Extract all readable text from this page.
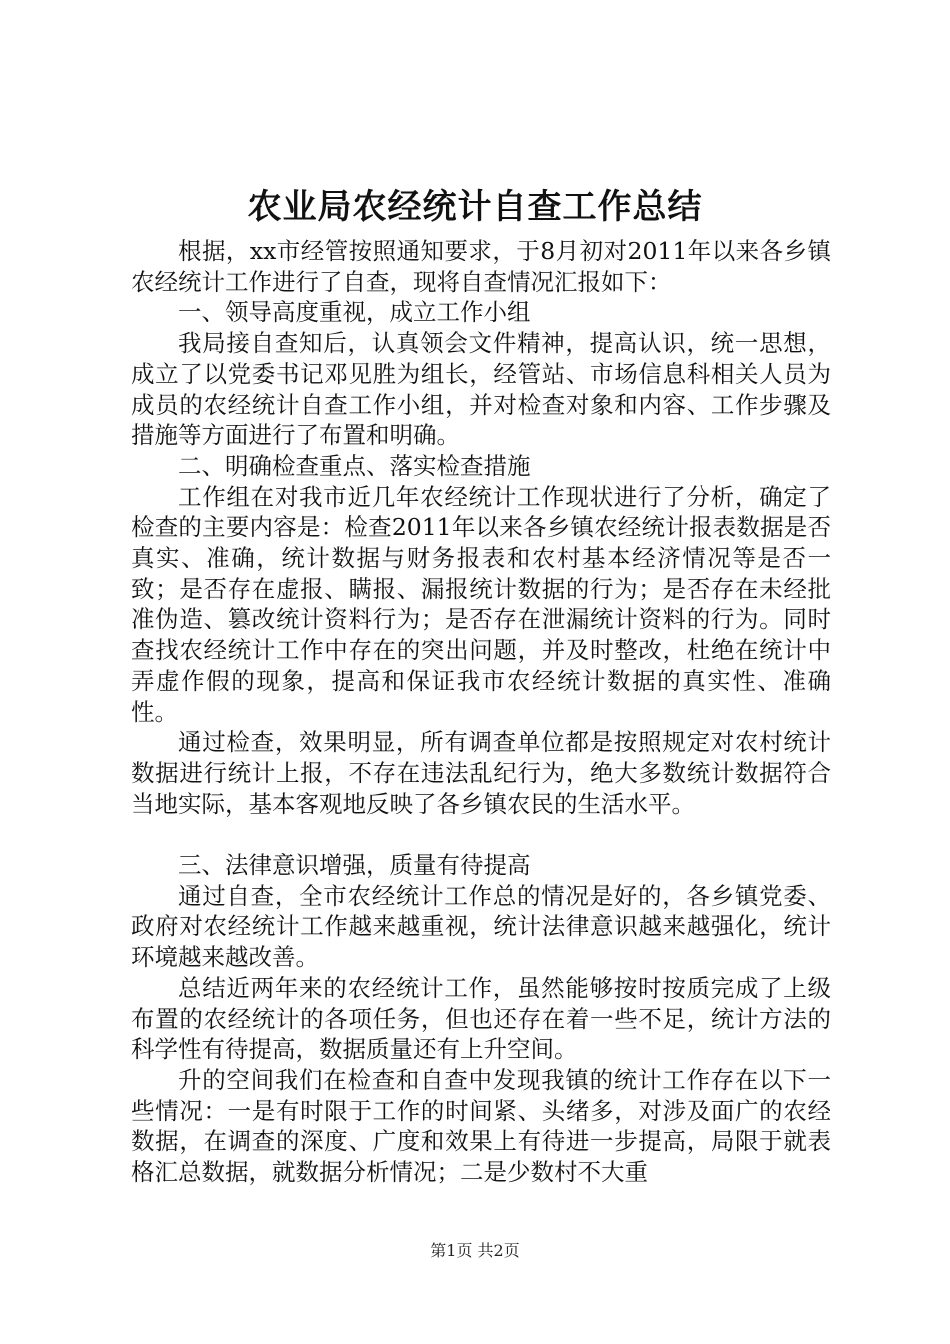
农业局农经统计自查工作总结

根据，xx市经管按照通知要求，于8月初对2011年以来各乡镇农经统计工作进行了自查，现将自查情况汇报如下：

一、领导高度重视，成立工作小组

我局接自查知后，认真领会文件精神，提高认识，统一思想，成立了以党委书记邓见胜为组长，经管站、市场信息科相关人员为成员的农经统计自查工作小组，并对检查对象和内容、工作步骤及措施等方面进行了布置和明确。

二、明确检查重点、落实检查措施

工作组在对我市近几年农经统计工作现状进行了分析，确定了检查的主要内容是：检查2011年以来各乡镇农经统计报表数据是否真实、准确，统计数据与财务报表和农村基本经济情况等是否一致；是否存在虚报、瞒报、漏报统计数据的行为；是否存在未经批准伪造、篡改统计资料行为；是否存在泄漏统计资料的行为。同时查找农经统计工作中存在的突出问题，并及时整改，杜绝在统计中弄虚作假的现象，提高和保证我市农经统计数据的真实性、准确性。

通过检查，效果明显，所有调查单位都是按照规定对农村统计数据进行统计上报，不存在违法乱纪行为，绝大多数统计数据符合当地实际，基本客观地反映了各乡镇农民的生活水平。

三、法律意识增强，质量有待提高

通过自查，全市农经统计工作总的情况是好的，各乡镇党委、政府对农经统计工作越来越重视，统计法律意识越来越强化，统计环境越来越改善。

总结近两年来的农经统计工作，虽然能够按时按质完成了上级布置的农经统计的各项任务，但也还存在着一些不足，统计方法的科学性有待提高，数据质量还有上升空间。

升的空间我们在检查和自查中发现我镇的统计工作存在以下一些情况：一是有时限于工作的时间紧、头绪多，对涉及面广的农经数据，在调查的深度、广度和效果上有待进一步提高，局限于就表格汇总数据，就数据分析情况；二是少数村不大重

第1页 共2页
